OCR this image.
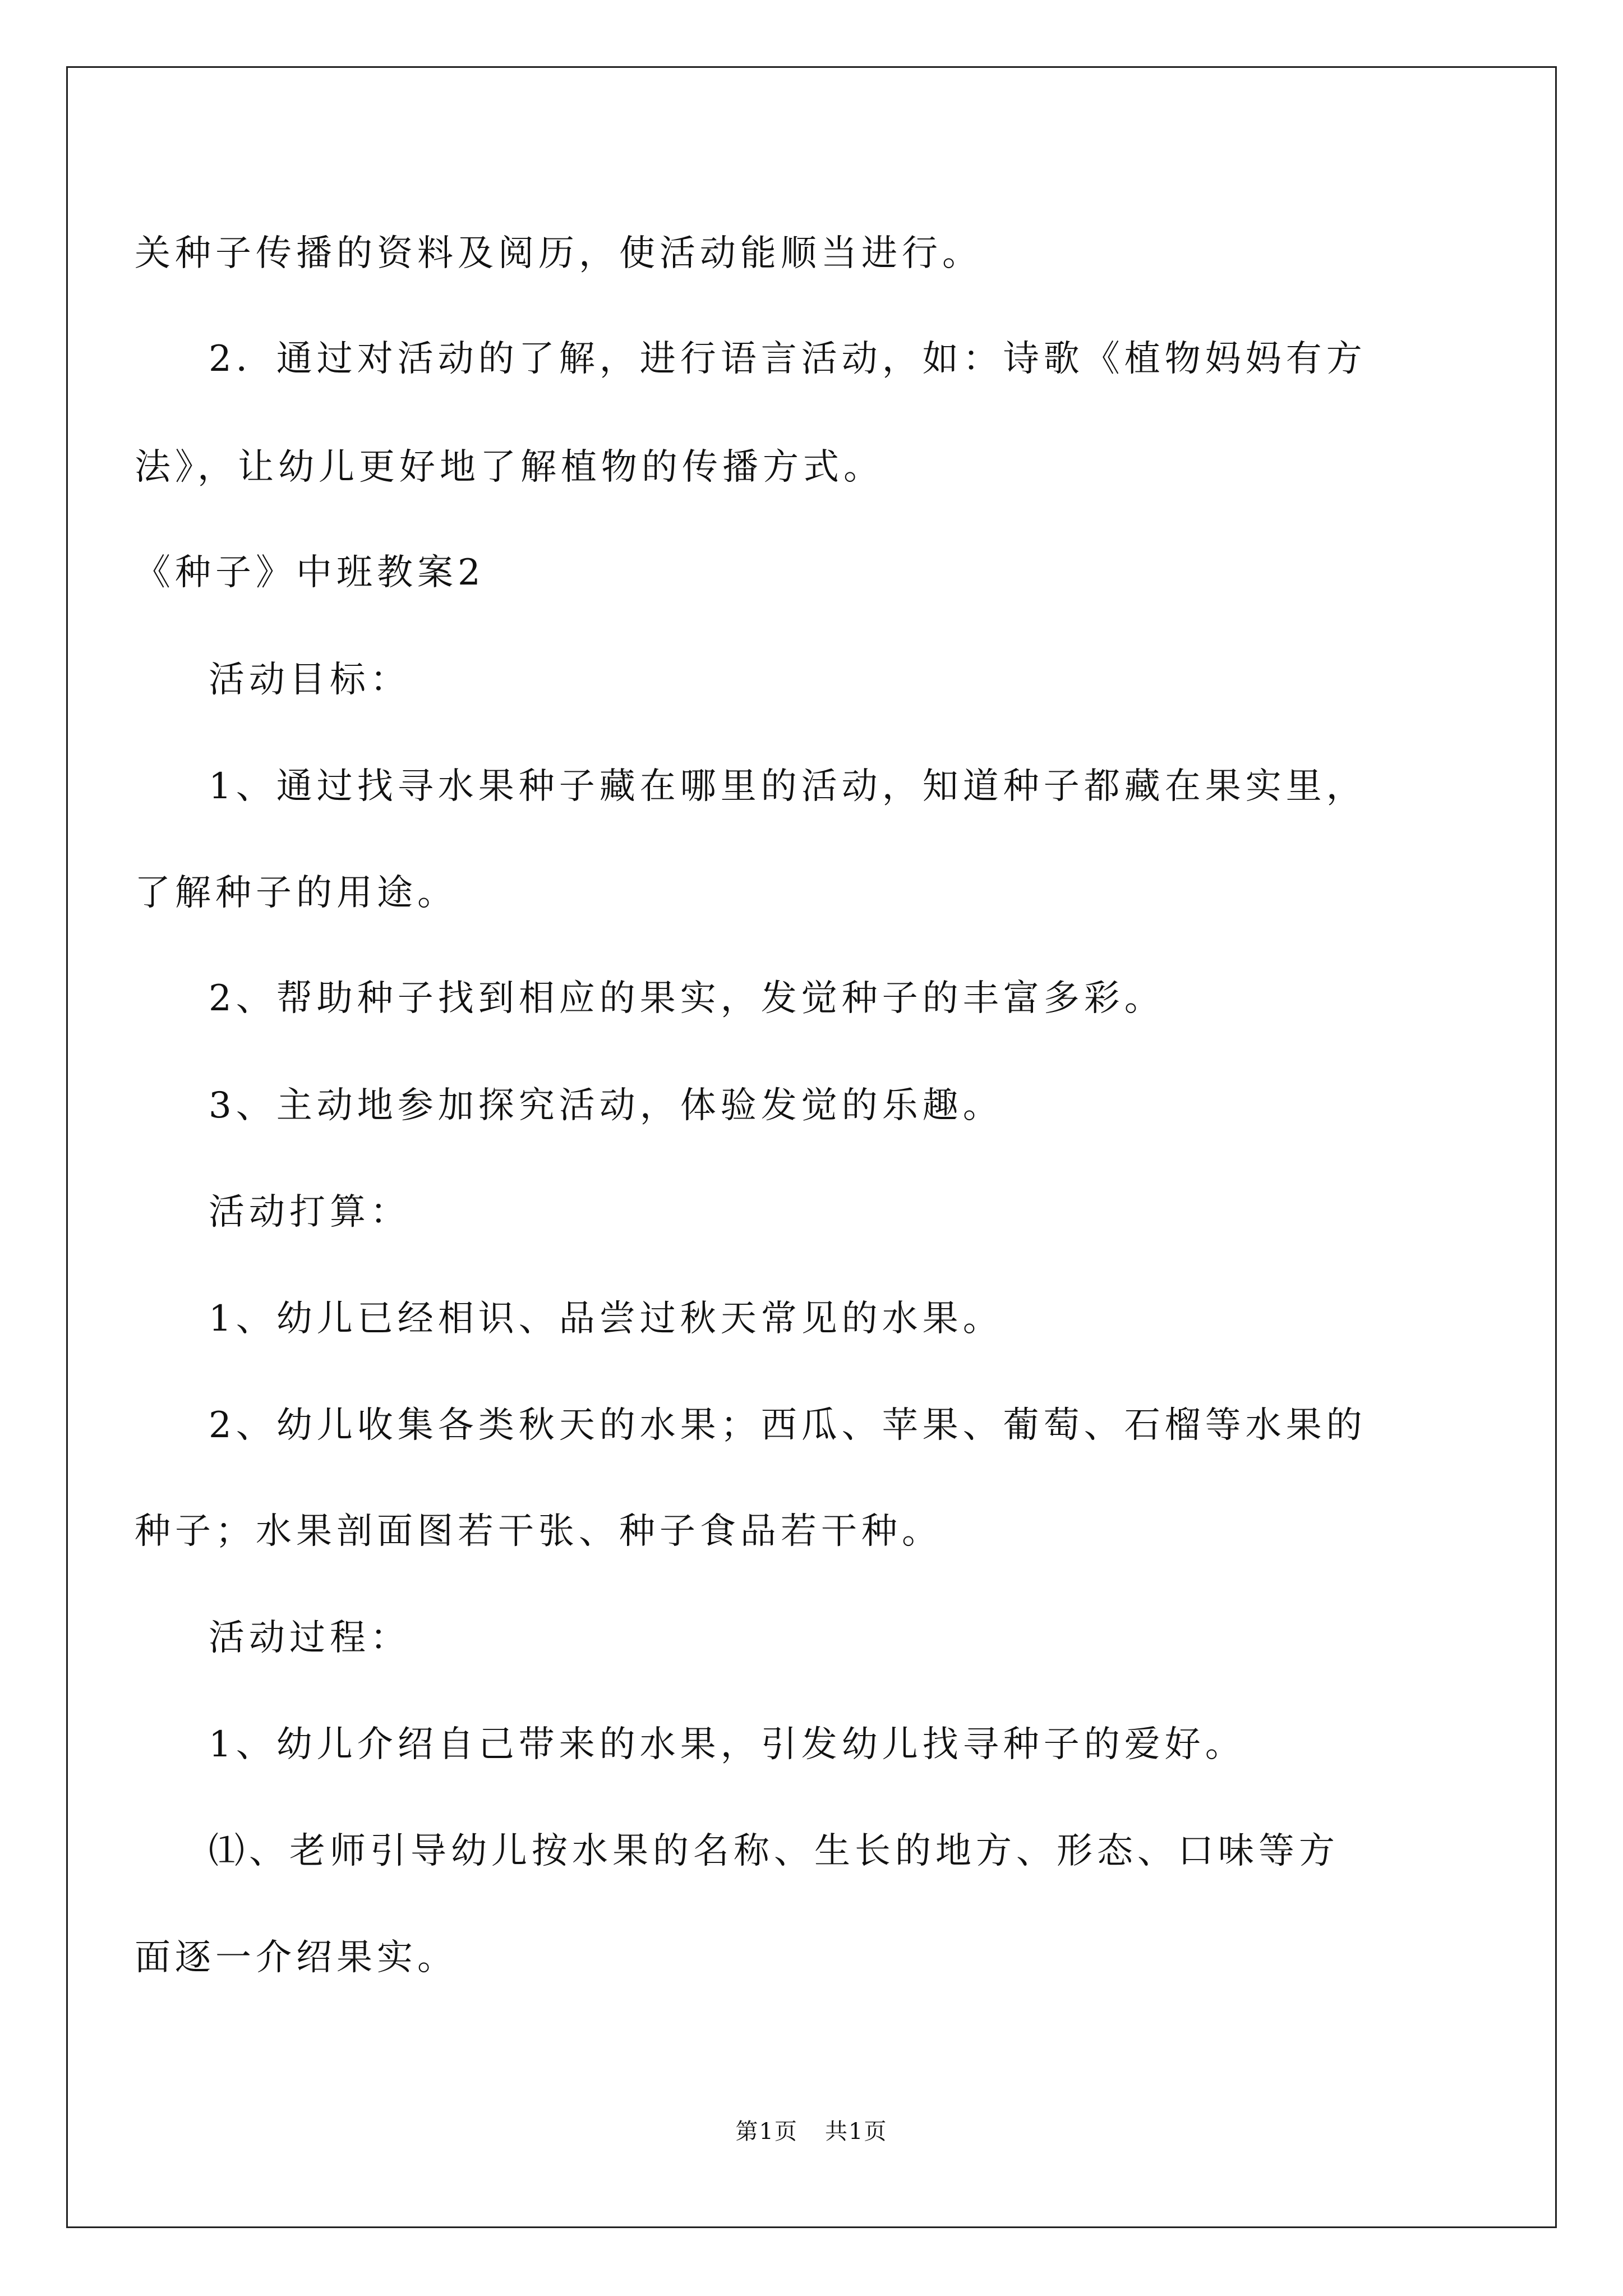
关种子传播的资料及阅历，使活动能顺当进行。
2．通过对活动的了解，进行语言活动，如：诗歌《植物妈妈有方
法》，让幼儿更好地了解植物的传播方式。
《种子》中班教案2
活动目标：
1、通过找寻水果种子藏在哪里的活动，知道种子都藏在果实里，
了解种子的用途。
2、帮助种子找到相应的果实，发觉种子的丰富多彩。
3、主动地参加探究活动，体验发觉的乐趣。
活动打算：
1、幼儿已经相识、品尝过秋天常见的水果。
2、幼儿收集各类秋天的水果；西瓜、苹果、葡萄、石榴等水果的
种子；水果剖面图若干张、种子食品若干种。
活动过程：
1、幼儿介绍自己带来的水果，引发幼儿找寻种子的爱好。
⑴、老师引导幼儿按水果的名称、生长的地方、形态、口味等方
面逐一介绍果实。
第1页 共1页
